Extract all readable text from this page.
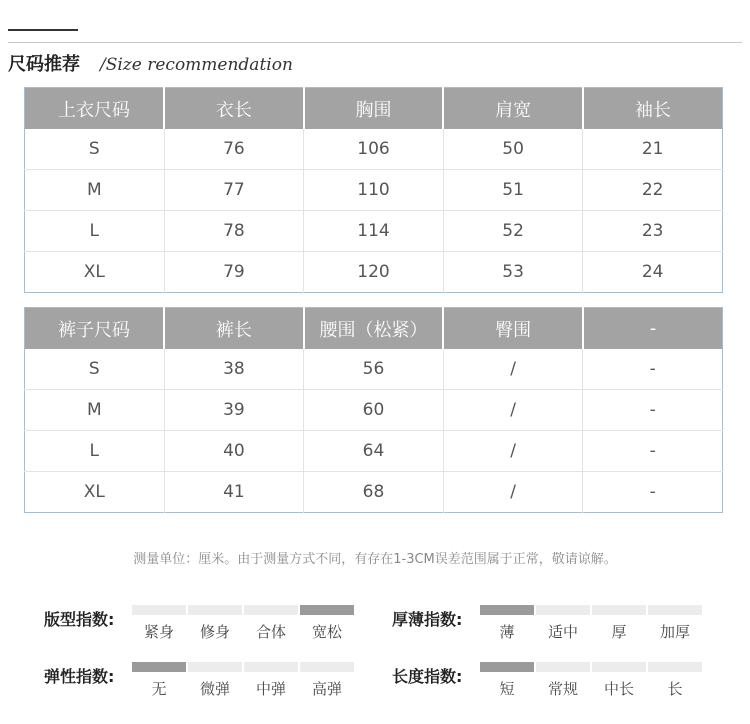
尺码推荐 /Size recommendation
上衣尺码	衣长	胸围	肩宽	袖长
S	76	106	50	21
M	77	110	51	22
L	78	114	52	23
XL	79	120	53	24
裤子尺码	裤长	腰围（松紧）	臀围	-
S	38	56	/	-
M	39	60	/	-
L	40	64	/	-
XL	41	68	/	-
测量单位：厘米。由于测量方式不同，有存在1-3CM误差范围属于正常，敬请谅解。
版型指数:
紧身	修身	合体	宽松
厚薄指数:
薄	适中	厚	加厚
弹性指数:
无	微弹	中弹	高弹
长度指数:
短	常规	中长	长
